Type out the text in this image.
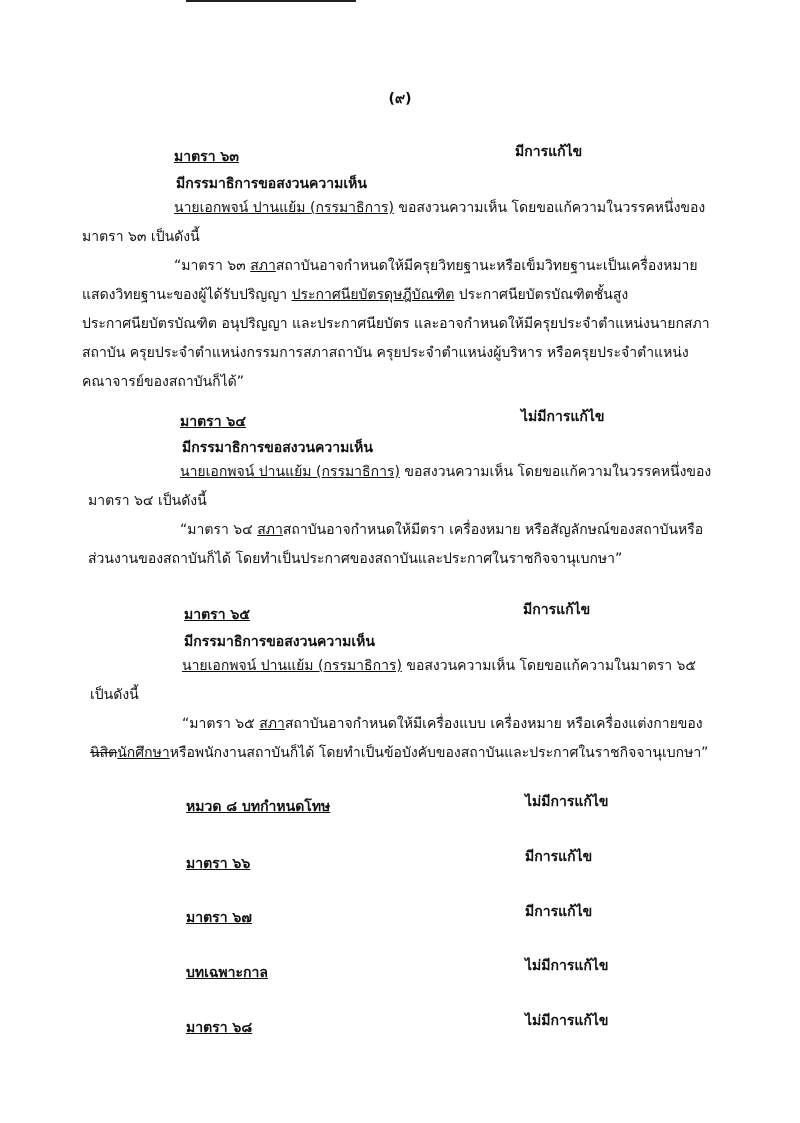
(๙)
มาตรา ๖๓	มีการแก้ไข
มีกรรมาธิการขอสงวนความเห็น

นายเอกพจน์ ปานแย้ม (กรรมาธิการ) ขอสงวนความเห็น โดยขอแก้ความในวรรคหนึ่งของ

มาตรา ๖๓ เป็นดังนี้

“มาตรา ๖๓ สภาสถาบันอาจกำหนดให้มีครุยวิทยฐานะหรือเข็มวิทยฐานะเป็นเครื่องหมาย

แสดงวิทยฐานะของผู้ได้รับปริญญา ประกาศนียบัตรดุษฎีบัณฑิต ประกาศนียบัตรบัณฑิตชั้นสูง

ประกาศนียบัตรบัณฑิต อนุปริญญา และประกาศนียบัตร และอาจกำหนดให้มีครุยประจำตำแหน่งนายกสภา

สถาบัน ครุยประจำตำแหน่งกรรมการสภาสถาบัน ครุยประจำตำแหน่งผู้บริหาร หรือครุยประจำตำแหน่ง

คณาจารย์ของสถาบันก็ได้”

มาตรา ๖๔	ไม่มีการแก้ไข
มีกรรมาธิการขอสงวนความเห็น

นายเอกพจน์ ปานแย้ม (กรรมาธิการ) ขอสงวนความเห็น โดยขอแก้ความในวรรคหนึ่งของ

มาตรา ๖๔ เป็นดังนี้

“มาตรา ๖๔ สภาสถาบันอาจกำหนดให้มีตรา เครื่องหมาย หรือสัญลักษณ์ของสถาบันหรือ

ส่วนงานของสถาบันก็ได้ โดยทำเป็นประกาศของสถาบันและประกาศในราชกิจจานุเบกษา”

มาตรา ๖๕	มีการแก้ไข
มีกรรมาธิการขอสงวนความเห็น

นายเอกพจน์ ปานแย้ม (กรรมาธิการ) ขอสงวนความเห็น โดยขอแก้ความในมาตรา ๖๕

เป็นดังนี้

“มาตรา ๖๕ สภาสถาบันอาจกำหนดให้มีเครื่องแบบ เครื่องหมาย หรือเครื่องแต่งกายของ

นิสิตนักศึกษาหรือพนักงานสถาบันก็ได้ โดยทำเป็นข้อบังคับของสถาบันและประกาศในราชกิจจานุเบกษา”

หมวด ๘ บทกำหนดโทษ	ไม่มีการแก้ไข
มาตรา ๖๖	มีการแก้ไข
มาตรา ๖๗	มีการแก้ไข
บทเฉพาะกาล	ไม่มีการแก้ไข
มาตรา ๖๘	ไม่มีการแก้ไข
